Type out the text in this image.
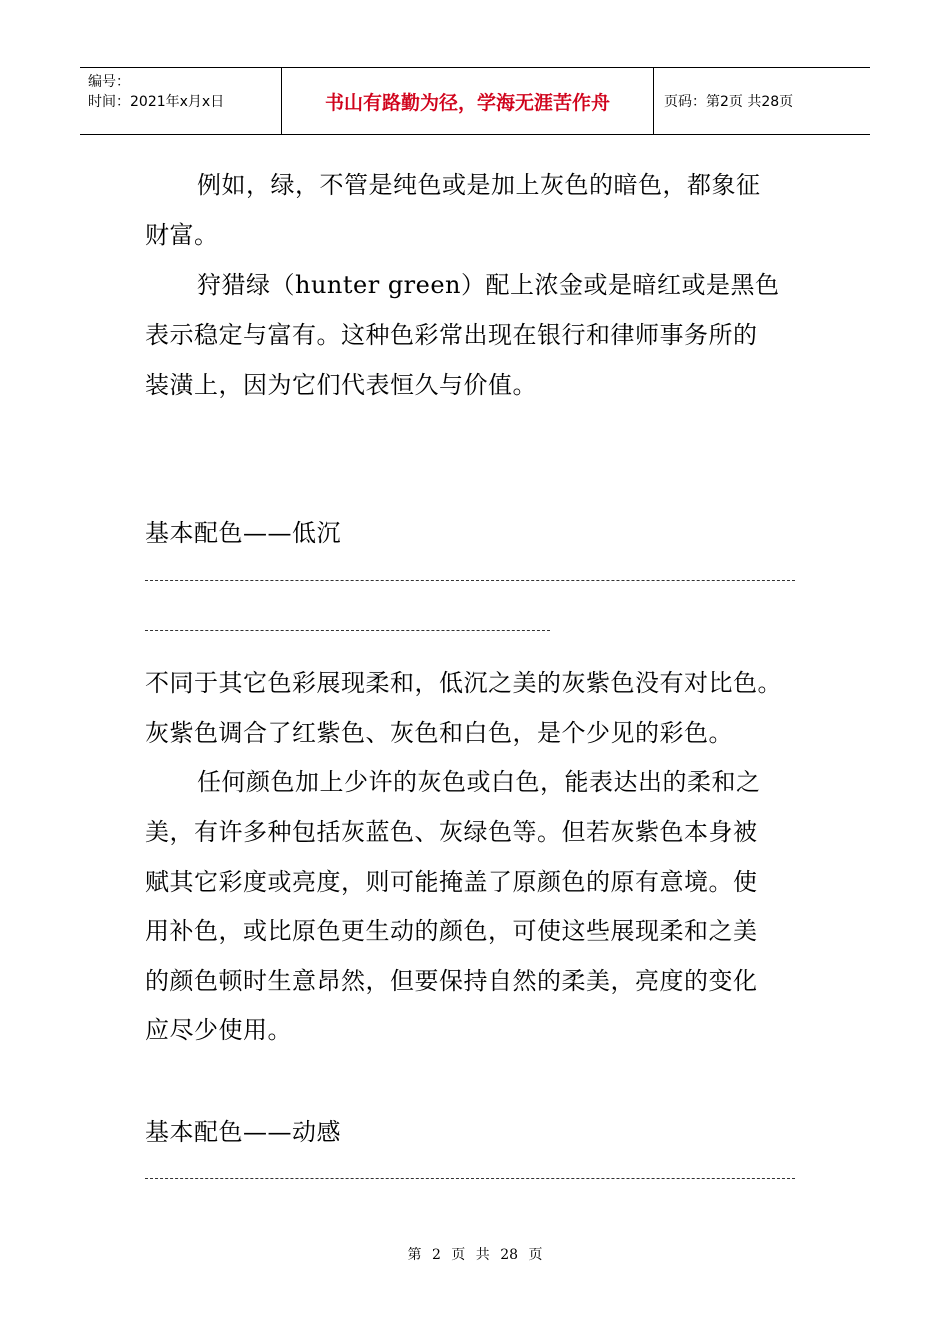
编号：
时间：2021年x月x日	书山有路勤为径，学海无涯苦作舟	页码：第2页 共28页
例如，绿，不管是纯色或是加上灰色的暗色，都象征
财富。
狩猎绿（hunter green）配上浓金或是暗红或是黑色
表示稳定与富有。这种色彩常出现在银行和律师事务所的
装潢上，因为它们代表恒久与价值。
基本配色——低沉
不同于其它色彩展现柔和，低沉之美的灰紫色没有对比色。
灰紫色调合了红紫色、灰色和白色，是个少见的彩色。
任何颜色加上少许的灰色或白色，能表达出的柔和之
美，有许多种包括灰蓝色、灰绿色等。但若灰紫色本身被
赋其它彩度或亮度，则可能掩盖了原颜色的原有意境。使
用补色，或比原色更生动的颜色，可使这些展现柔和之美
的颜色顿时生意昂然，但要保持自然的柔美，亮度的变化
应尽少使用。
基本配色——动感
第 2 页 共 28 页
